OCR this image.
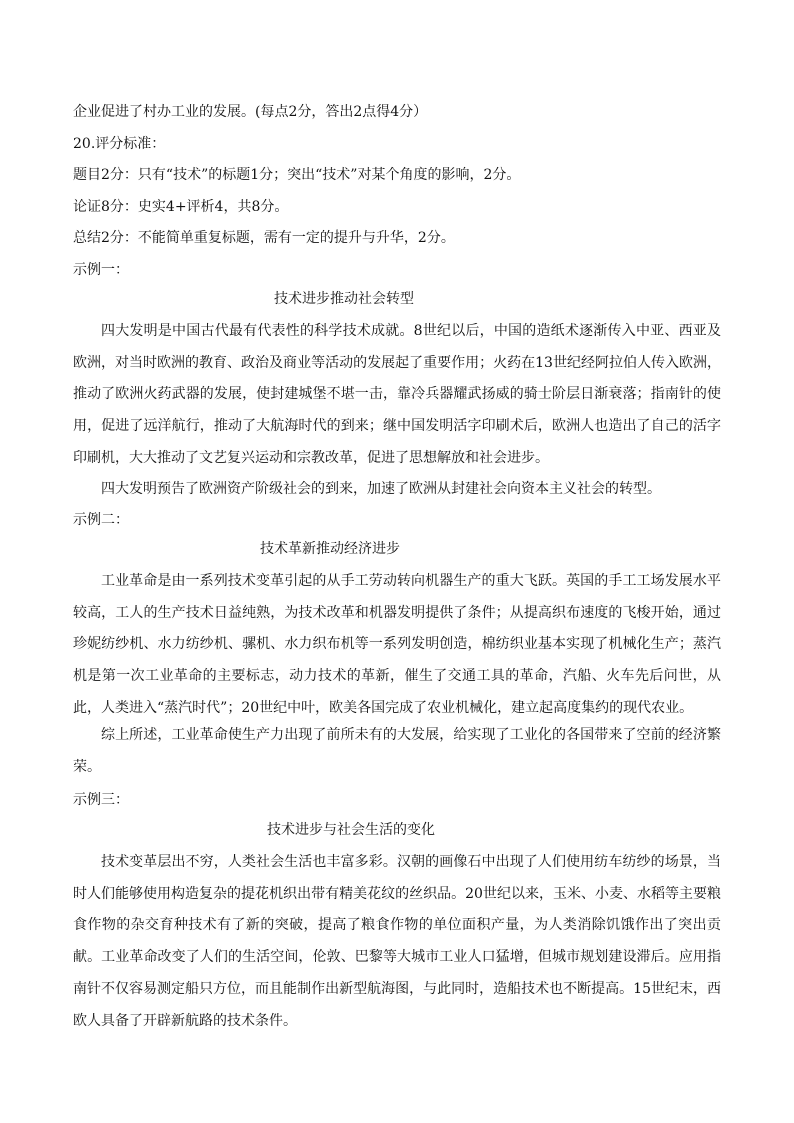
企业促进了村办工业的发展。(每点2分，答出2点得4分）
20.评分标准：
题目2分：只有“技术”的标题1分；突出“技术”对某个角度的影响，2分。
论证8分：史实4+评析4，共8分。
总结2分：不能简单重复标题，需有一定的提升与升华，2分。
示例一：
技术进步推动社会转型

四大发明是中国古代最有代表性的科学技术成就。8世纪以后，中国的造纸术逐渐传入中亚、西亚及欧洲，对当时欧洲的教育、政治及商业等活动的发展起了重要作用；火药在13世纪经阿拉伯人传入欧洲，推动了欧洲火药武器的发展，使封建城堡不堪一击，靠冷兵器耀武扬威的骑士阶层日渐衰落；指南针的使用，促进了远洋航行，推动了大航海时代的到来；继中国发明活字印刷术后，欧洲人也造出了自己的活字印刷机，大大推动了文艺复兴运动和宗教改革，促进了思想解放和社会进步。

四大发明预告了欧洲资产阶级社会的到来，加速了欧洲从封建社会向资本主义社会的转型。

示例二：
技术革新推动经济进步

工业革命是由一系列技术变革引起的从手工劳动转向机器生产的重大飞跃。英国的手工工场发展水平较高，工人的生产技术日益纯熟，为技术改革和机器发明提供了条件；从提高织布速度的飞梭开始，通过珍妮纺纱机、水力纺纱机、骡机、水力织布机等一系列发明创造，棉纺织业基本实现了机械化生产；蒸汽机是第一次工业革命的主要标志，动力技术的革新，催生了交通工具的革命，汽船、火车先后问世，从此，人类进入“蒸汽时代”；20世纪中叶，欧美各国完成了农业机械化，建立起高度集约的现代农业。

综上所述，工业革命使生产力出现了前所未有的大发展，给实现了工业化的各国带来了空前的经济繁荣。

示例三：
技术进步与社会生活的变化

技术变革层出不穷，人类社会生活也丰富多彩。汉朝的画像石中出现了人们使用纺车纺纱的场景，当时人们能够使用构造复杂的提花机织出带有精美花纹的丝织品。20世纪以来，玉米、小麦、水稻等主要粮食作物的杂交育种技术有了新的突破，提高了粮食作物的单位面积产量，为人类消除饥饿作出了突出贡献。工业革命改变了人们的生活空间，伦敦、巴黎等大城市工业人口猛增，但城市规划建设滞后。应用指南针不仅容易测定船只方位，而且能制作出新型航海图，与此同时，造船技术也不断提高。15世纪末，西欧人具备了开辟新航路的技术条件。
